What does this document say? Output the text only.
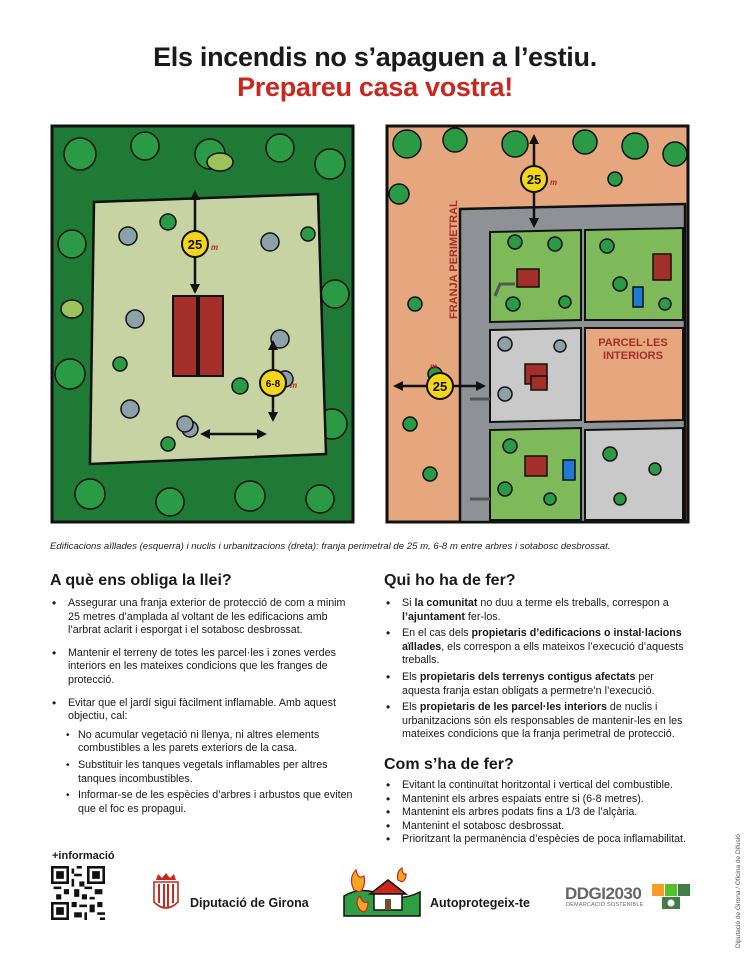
Els incendis no s’apaguen a l’estiu.
Prepareu casa vostra!
25 m
6-8 m
25 m
25
m
FRANJA PERIMETRAL
PARCEL·LES
INTERIORS
Edificacions aïllades (esquerra) i nuclis i urbanitzacions (dreta): franja perimetral de 25 m, 6-8 m entre arbres i sotabosc desbrossat.
A què ens obliga la llei?
• Assegurar una franja exterior de protecció de com a minim 25 metres d’amplada al voltant de les edificacions amb l’arbrat aclarit i esporgat i el sotabosc desbrossat.
• Mantenir el terreny de totes les parcel·les i zones verdes interiors en les mateixes condicions que les franges de protecció.
• Evitar que el jardí sigui fàcilment inflamable. Amb aquest objectiu, cal:
• No acumular vegetació ni llenya, ni altres elements combustibles a les parets exteriors de la casa.
• Substituir les tanques vegetals inflamables per altres tanques incombustibles.
• Informar-se de les espècies d’arbres i arbustos que eviten que el foc es propagui.
Qui ho ha de fer?
• Si la comunitat no duu a terme els treballs, correspon a l’ajuntament fer-los.
• En el cas dels propietaris d’edificacions o instal·lacions aïllades, els correspon a ells mateixos l’execució d’aquests treballs.
• Els propietaris dels terrenys contigus afectats per aquesta franja estan obligats a permetre’n l’execució.
• Els propietaris de les parcel·les interiors de nuclis i urbanitzacions són els responsables de mantenir-les en les mateixes condicions que la franja perimetral de protecció.
Com s’ha de fer?
• Evitant la continuïtat horitzontal i vertical del combustible.
• Mantenint els arbres espaiats entre si (6-8 metres).
• Mantenint els arbres podats fins a 1/3 de l’alçària.
• Mantenint el sotabosc desbrossat.
• Prioritzant la permanència d’espècies de poca inflamabilitat.
+informació
Diputació de Girona	Autoprotegeix-te DDGI2030
DEMARCACIÓ SOSTENIBLE	Diputació de Girona / Oficina de Difusió
